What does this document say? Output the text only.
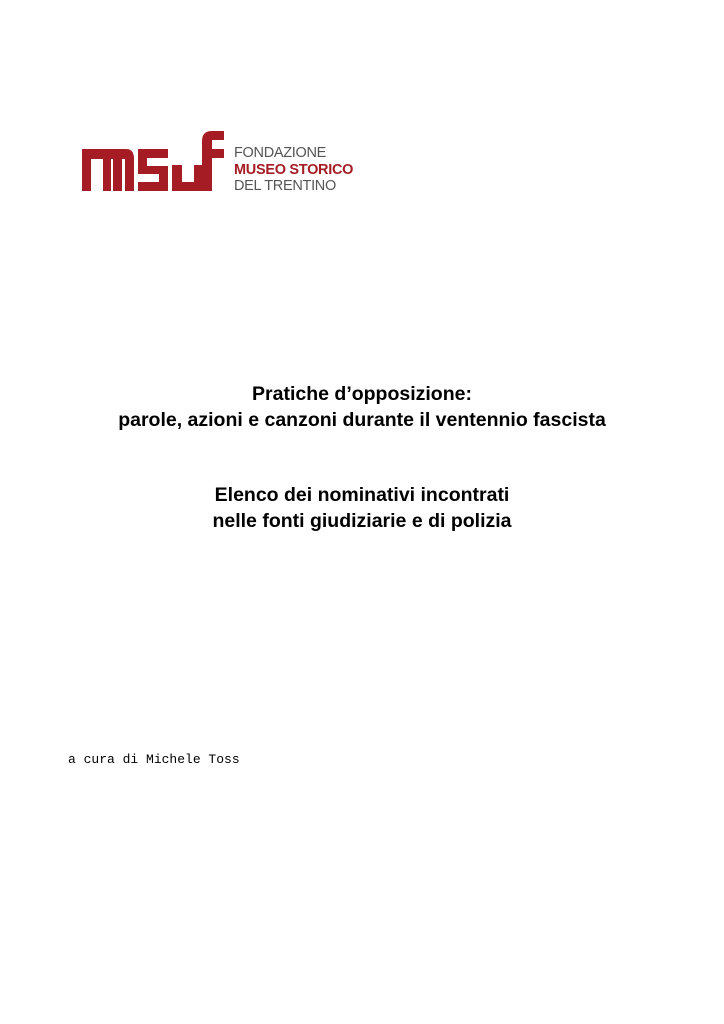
FONDAZIONE
MUSEO STORICO
DEL TRENTINO
Pratiche d’opposizione:
parole, azioni e canzoni durante il ventennio fascista
Elenco dei nominativi incontrati
nelle fonti giudiziarie e di polizia
a cura di Michele Toss
